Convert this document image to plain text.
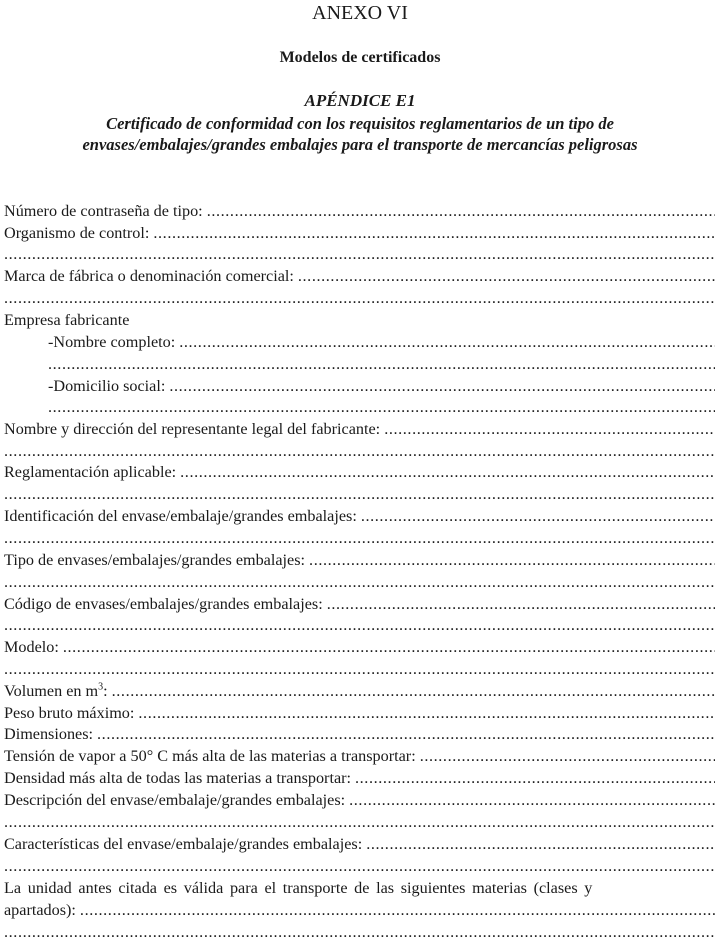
ANEXO VI
Modelos de certificados
APÉNDICE E1
Certificado de conformidad con los requisitos reglamentarios de un tipo de
envases/embalajes/grandes embalajes para el transporte de mercancías peligrosas
Número de contraseña de tipo:
.....
Organismo de control:
.....
.....
Marca de fábrica o denominación comercial:
.....
.....
Empresa fabricante
-Nombre completo:
.....
.....
-Domicilio social:
.....
.....
Nombre y dirección del representante legal del fabricante:
.....
.....
Reglamentación aplicable:
.....
.....
Identificación del envase/embalaje/grandes embalajes:
.....
.....
Tipo de envases/embalajes/grandes embalajes:
.....
.....
Código de envases/embalajes/grandes embalajes:
.....
.....
Modelo:
.....
.....
Volumen en $m^3$:
.....
Peso bruto máximo:
.....
Dimensiones:
.....
Tensión de vapor a 50° C más alta de las materias a transportar:
.....
Densidad más alta de todas las materias a transportar:
.....
Descripción del envase/embalaje/grandes embalajes:
.....
.....
Características del envase/embalaje/grandes embalajes:
.....
.....
La unidad antes citada es válida para el transporte de las siguientes materias (clases y
apartados):
.....
.....
